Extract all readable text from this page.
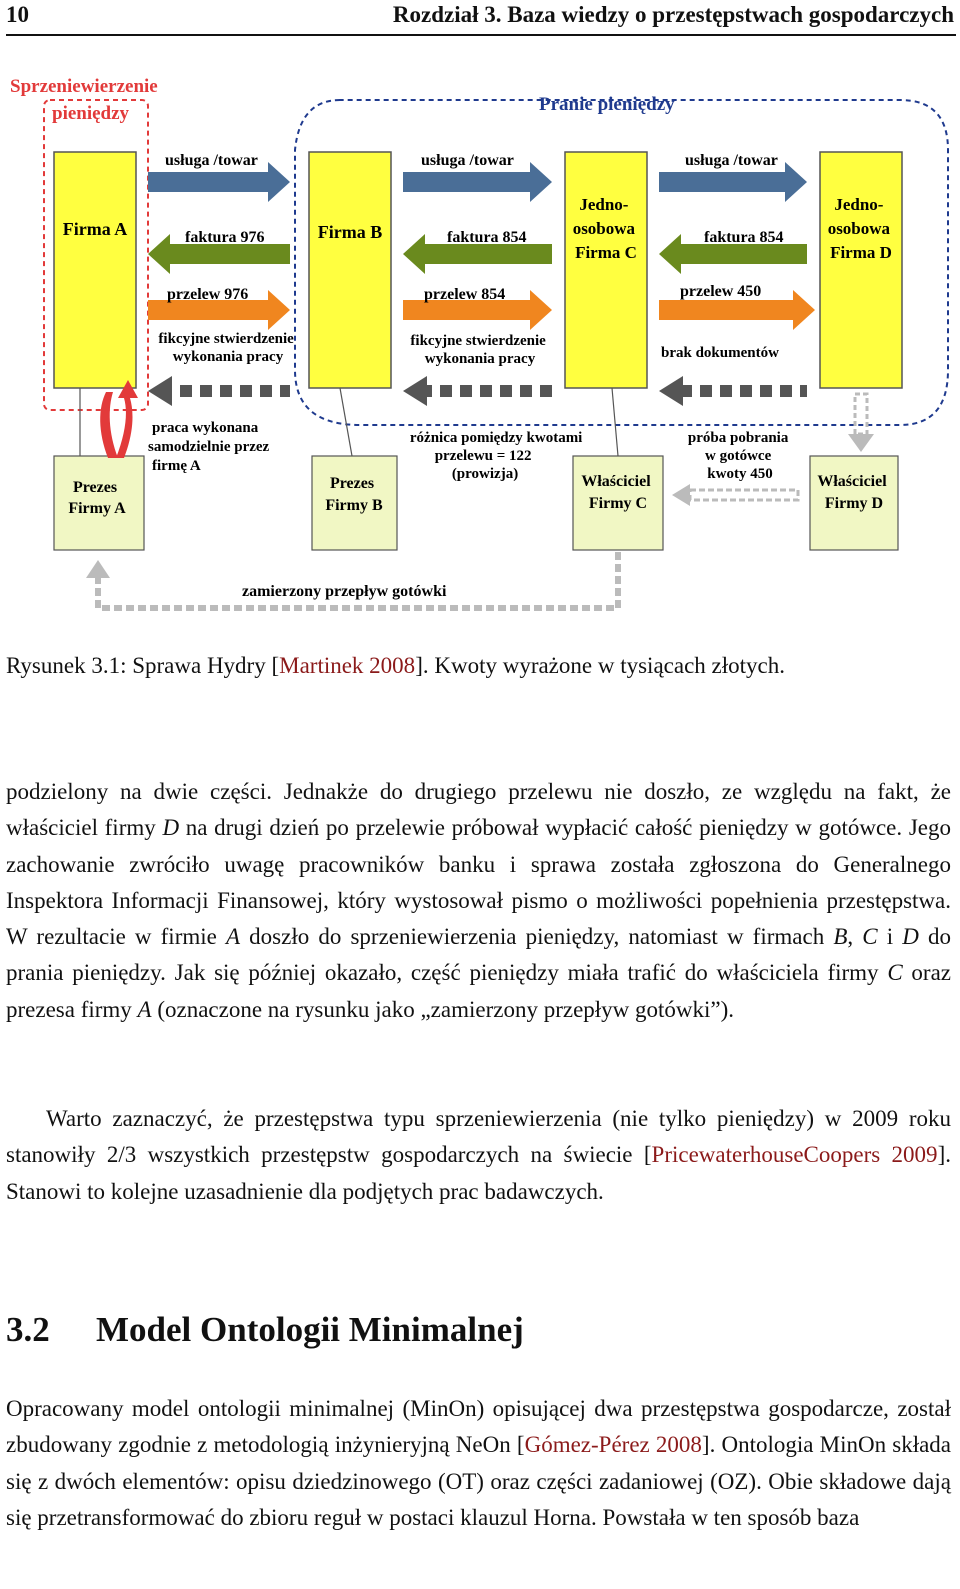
10	Rozdział 3. Baza wiedzy o przestępstwach gospodarczych
Sprzeniewierzenie
pieniędzy	Pranie pieniędzy
Firma A	Firma B
Jedno- osobowa Firma C
Jedno- osobowa Firma D
usługa /towar	usługa /towar	usługa /towar
faktura 976	faktura 854	faktura 854
przelew 976	przelew 854	przelew 450
fikcyjne stwierdzenie wykonania pracy
fikcyjne stwierdzenie wykonania pracy	brak dokumentów
Prezes Firmy A
Prezes Firmy B
Właściciel Firmy C
Właściciel Firmy D
zamierzony przepływ gotówki
praca wykonana samodzielnie przez firmę A
różnica pomiędzy kwotami przelewu = 122 (prowizja)
próba pobrania w gotówce kwoty 450
Rysunek 3.1: Sprawa Hydry [Martinek 2008]. Kwoty wyrażone w tysiącach złotych.

podzielony na dwie części. Jednakże do drugiego przelewu nie doszło, ze względu na fakt, że właściciel firmy D na drugi dzień po przelewie próbował wypłacić całość pieniędzy w gotówce. Jego zachowanie zwróciło uwagę pracowników banku i sprawa została zgłoszona do Generalnego Inspektora Informacji Finansowej, który wystosował pismo o możliwości popełnienia przestępstwa. W rezultacie w firmie A doszło do sprzeniewierzenia pieniędzy, natomiast w firmach B, C i D do prania pieniędzy. Jak się później okazało, część pieniędzy miała trafić do właściciela firmy C oraz prezesa firmy A (oznaczone na rysunku jako „zamierzony przepływ gotówki”).

Warto zaznaczyć, że przestępstwa typu sprzeniewierzenia (nie tylko pieniędzy) w 2009 roku stanowiły 2/3 wszystkich przestępstw gospodarczych na świecie [PricewaterhouseCoopers 2009]. Stanowi to kolejne uzasadnienie dla podjętych prac badawczych.

3.2 Model Ontologii Minimalnej

Opracowany model ontologii minimalnej (MinOn) opisującej dwa przestępstwa gospodarcze, został zbudowany zgodnie z metodologią inżynieryjną NeOn [Gómez-Pérez 2008]. Ontologia MinOn składa się z dwóch elementów: opisu dziedzinowego (OT) oraz części zadaniowej (OZ). Obie składowe dają się przetransformować do zbioru reguł w postaci klauzul Horna. Powstała w ten sposób baza
